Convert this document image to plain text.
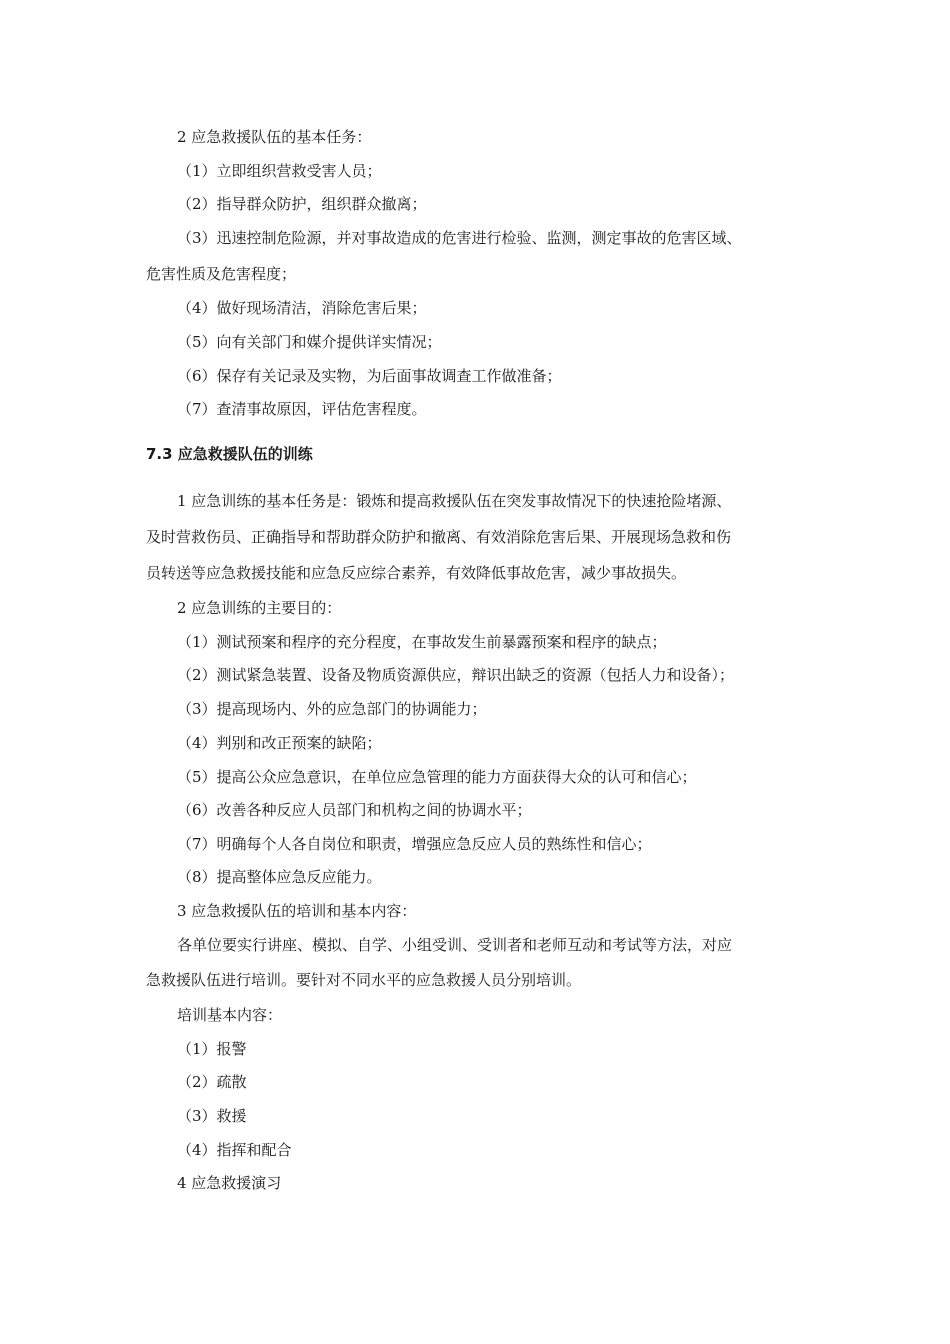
2 应急救援队伍的基本任务：
（1）立即组织营救受害人员；
（2）指导群众防护，组织群众撤离；
（3）迅速控制危险源，并对事故造成的危害进行检验、监测，测定事故的危害区域、
危害性质及危害程度；
（4）做好现场清洁，消除危害后果；
（5）向有关部门和媒介提供详实情况；
（6）保存有关记录及实物，为后面事故调查工作做准备；
（7）查清事故原因，评估危害程度。
7.3 应急救援队伍的训练
1 应急训练的基本任务是：锻炼和提高救援队伍在突发事故情况下的快速抢险堵源、
及时营救伤员、正确指导和帮助群众防护和撤离、有效消除危害后果、开展现场急救和伤
员转送等应急救援技能和应急反应综合素养，有效降低事故危害，减少事故损失。
2 应急训练的主要目的：
（1）测试预案和程序的充分程度，在事故发生前暴露预案和程序的缺点；
（2）测试紧急装置、设备及物质资源供应，辩识出缺乏的资源（包括人力和设备）；
（3）提高现场内、外的应急部门的协调能力；
（4）判别和改正预案的缺陷；
（5）提高公众应急意识，在单位应急管理的能力方面获得大众的认可和信心；
（6）改善各种反应人员部门和机构之间的协调水平；
（7）明确每个人各自岗位和职责，增强应急反应人员的熟练性和信心；
（8）提高整体应急反应能力。
3 应急救援队伍的培训和基本内容：
各单位要实行讲座、模拟、自学、小组受训、受训者和老师互动和考试等方法，对应
急救援队伍进行培训。要针对不同水平的应急救援人员分别培训。
培训基本内容：
（1）报警
（2）疏散
（3）救援
（4）指挥和配合
4 应急救援演习
